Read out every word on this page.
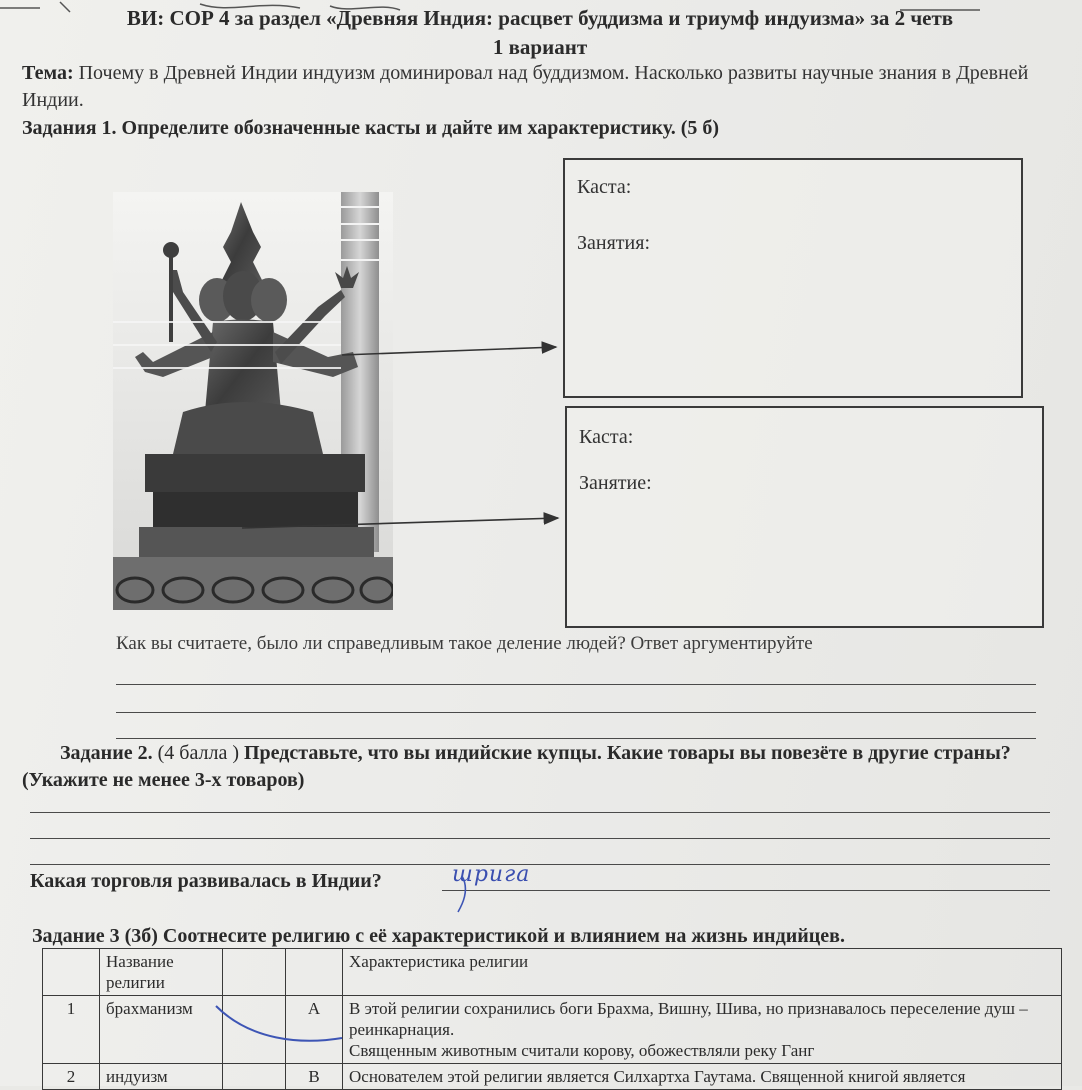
ВИ: СОР 4 за раздел «Древняя Индия: расцвет буддизма и триумф индуизма» за 2 четв
1 вариант
Тема: Почему в Древней Индии индуизм доминировал над буддизмом. Насколько развиты научные знания в Древней Индии.
Задания 1. Определите обозначенные касты и дайте им характеристику. (5 б)
Каста:
Занятия:
Каста:
Занятие:
Как вы считаете, было ли справедливым такое деление людей? Ответ аргументируйте
Задание 2. (4 балла ) Представьте, что вы индийские купцы. Какие товары вы повезёте в другие страны? (Укажите не менее 3-х товаров)
Какая торговля развивалась в Индии?	шрига
Задание 3 (3б) Соотнесите религию с её характеристикой и влиянием на жизнь индийцев.
	Название религии			Характеристика религии
1	брахманизм		А	В этой религии сохранились боги Брахма, Вишну, Шива, но признавалось переселение душ – реинкарнация.
Священным животным считали корову, обожествляли реку Ганг
2	индуизм		В	Основателем этой религии является Силхартха Гаутама. Священной книгой является
